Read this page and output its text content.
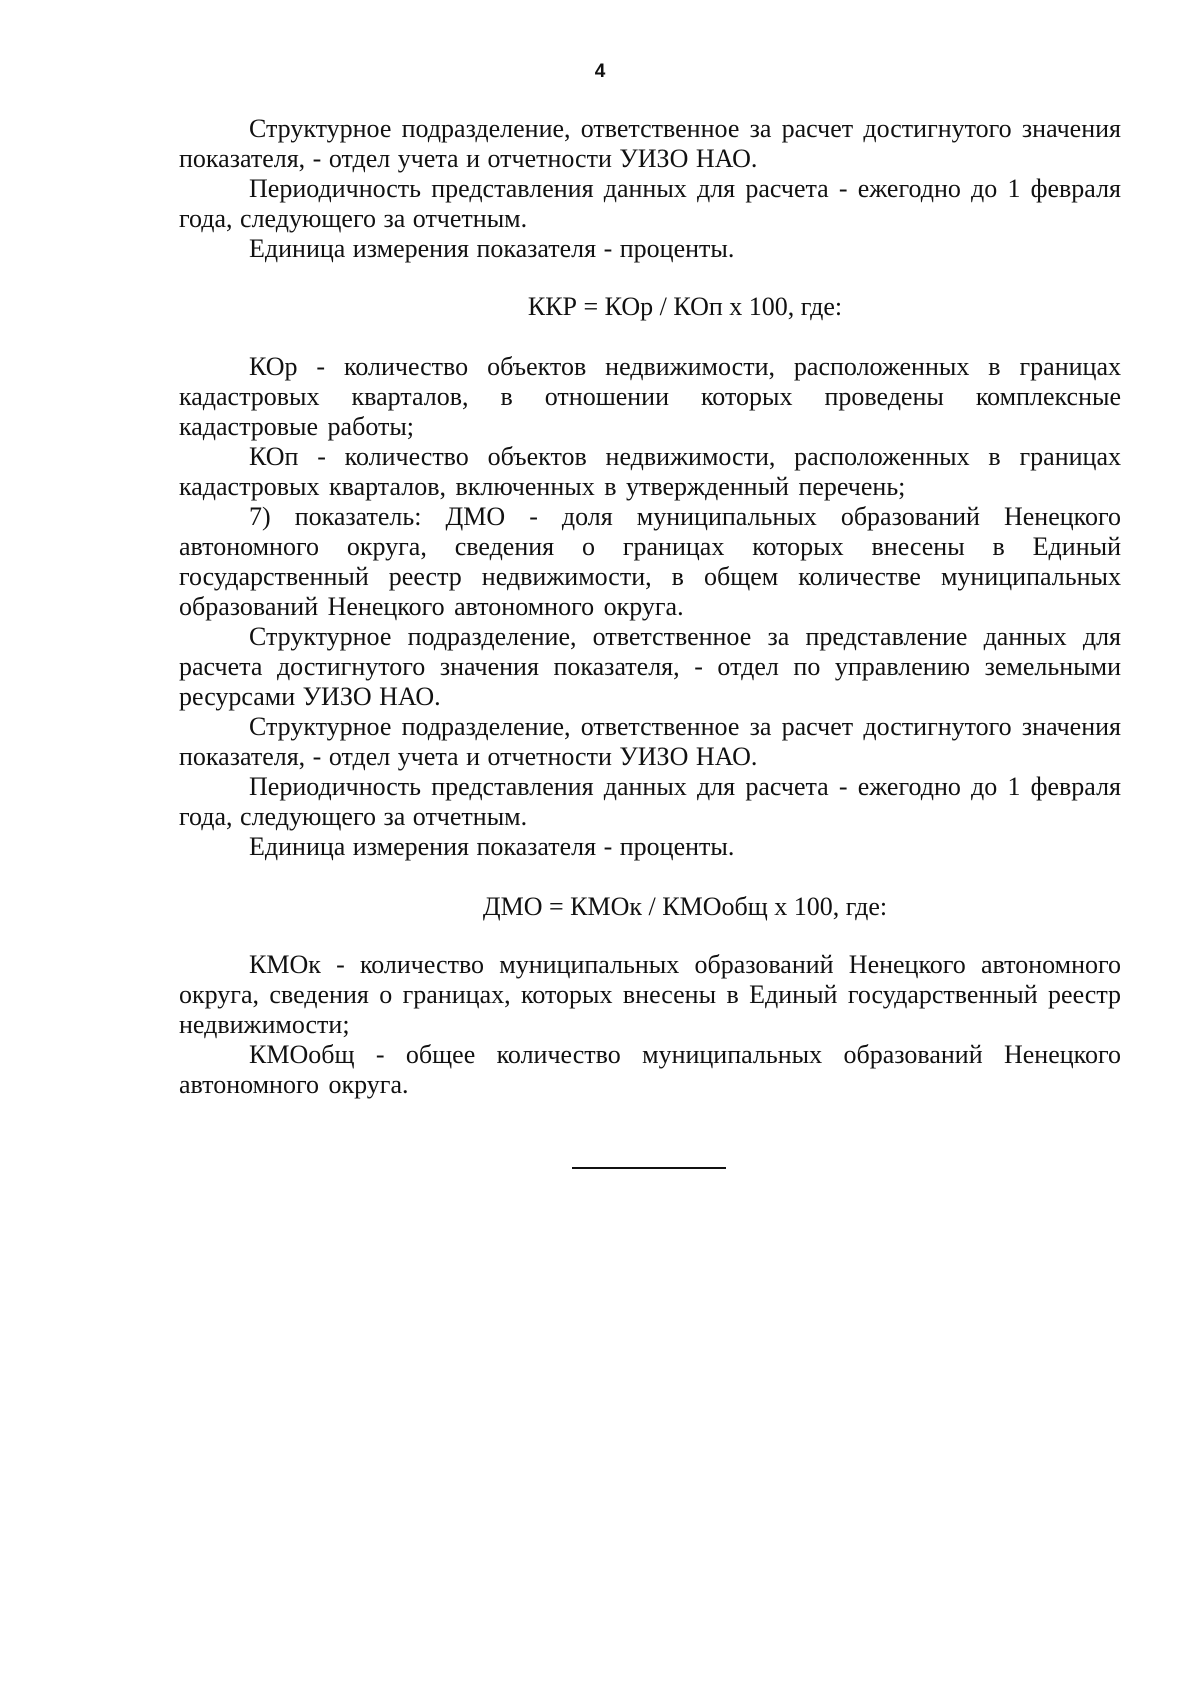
4

Структурное подразделение, ответственное за расчет достигнутого значения показателя, - отдел учета и отчетности УИЗО НАО.

Периодичность представления данных для расчета - ежегодно до 1 февраля года, следующего за отчетным.

Единица измерения показателя - проценты.

ККР = КОр / КОп x 100, где:

КОр - количество объектов недвижимости, расположенных в границах кадастровых кварталов, в отношении которых проведены комплексные кадастровые работы;

КОп - количество объектов недвижимости, расположенных в границах кадастровых кварталов, включенных в утвержденный перечень;

7) показатель: ДМО - доля муниципальных образований Ненецкого автономного округа, сведения о границах которых внесены в Единый государственный реестр недвижимости, в общем количестве муниципальных образований Ненецкого автономного округа.

Структурное подразделение, ответственное за представление данных для расчета достигнутого значения показателя, - отдел по управлению земельными ресурсами УИЗО НАО.

Структурное подразделение, ответственное за расчет достигнутого значения показателя, - отдел учета и отчетности УИЗО НАО.

Периодичность представления данных для расчета - ежегодно до 1 февраля года, следующего за отчетным.

Единица измерения показателя - проценты.

ДМО = КМОк / КМОобщ x 100, где:

КМОк - количество муниципальных образований Ненецкого автономного округа, сведения о границах, которых внесены в Единый государственный реестр недвижимости;

КМОобщ - общее количество муниципальных образований Ненецкого автономного округа.
